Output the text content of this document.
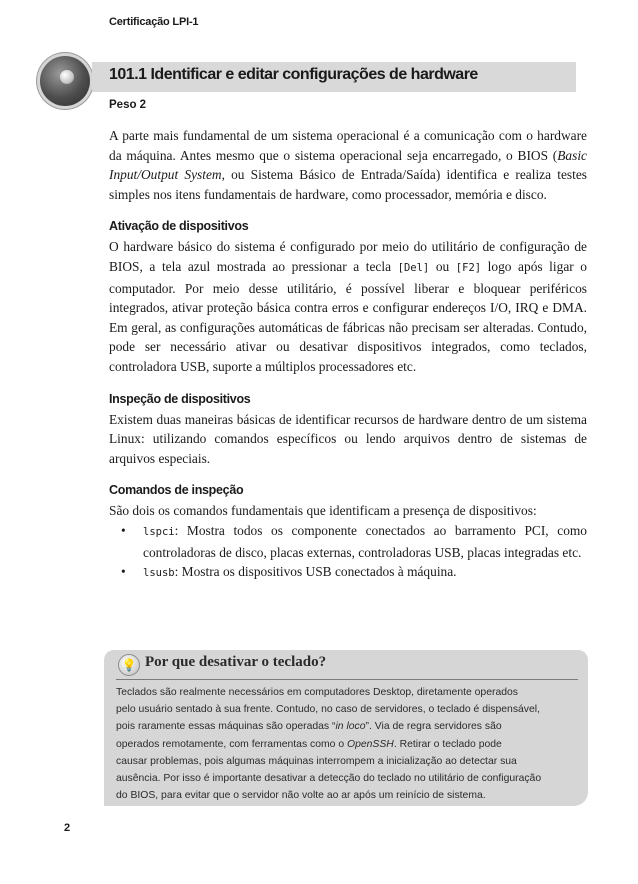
Certificação LPI-1
101.1 Identificar e editar configurações de hardware
Peso 2

A parte mais fundamental de um sistema operacional é a comunicação com o hardware da máquina. Antes mesmo que o sistema operacional seja encarregado, o BIOS (Basic Input/Output System, ou Sistema Básico de Entrada/Saída) identifica e realiza testes simples nos itens fundamentais de hardware, como processador, memória e disco.

Ativação de dispositivos

O hardware básico do sistema é configurado por meio do utilitário de configuração de BIOS, a tela azul mostrada ao pressionar a tecla [Del] ou [F2] logo após ligar o computador. Por meio desse utilitário, é possível liberar e bloquear periféricos integrados, ativar proteção básica contra erros e configurar endereços I/O, IRQ e DMA. Em geral, as configurações automáticas de fábricas não precisam ser alteradas. Contudo, pode ser necessário ativar ou desativar dispositivos integrados, como teclados, controladora USB, suporte a múltiplos processadores etc.

Inspeção de dispositivos

Existem duas maneiras básicas de identificar recursos de hardware dentro de um sistema Linux: utilizando comandos específicos ou lendo arquivos dentro de sistemas de arquivos especiais.

Comandos de inspeção

São dois os comandos fundamentais que identificam a presença de dispositivos:

• lspci: Mostra todos os componente conectados ao barramento PCI, como controladoras de disco, placas externas, controladoras USB, placas integradas etc.
• lsusb: Mostra os dispositivos USB conectados à máquina.
💡 Por que desativar o teclado?
Teclados são realmente necessários em computadores Desktop, diretamente operados
pelo usuário sentado à sua frente. Contudo, no caso de servidores, o teclado é dispensável,
pois raramente essas máquinas são operadas “in loco”. Via de regra servidores são
operados remotamente, com ferramentas como o OpenSSH. Retirar o teclado pode
causar problemas, pois algumas máquinas interrompem a inicialização ao detectar sua
ausência. Por isso é importante desativar a detecção do teclado no utilitário de configuração
do BIOS, para evitar que o servidor não volte ao ar após um reinício de sistema.
2
